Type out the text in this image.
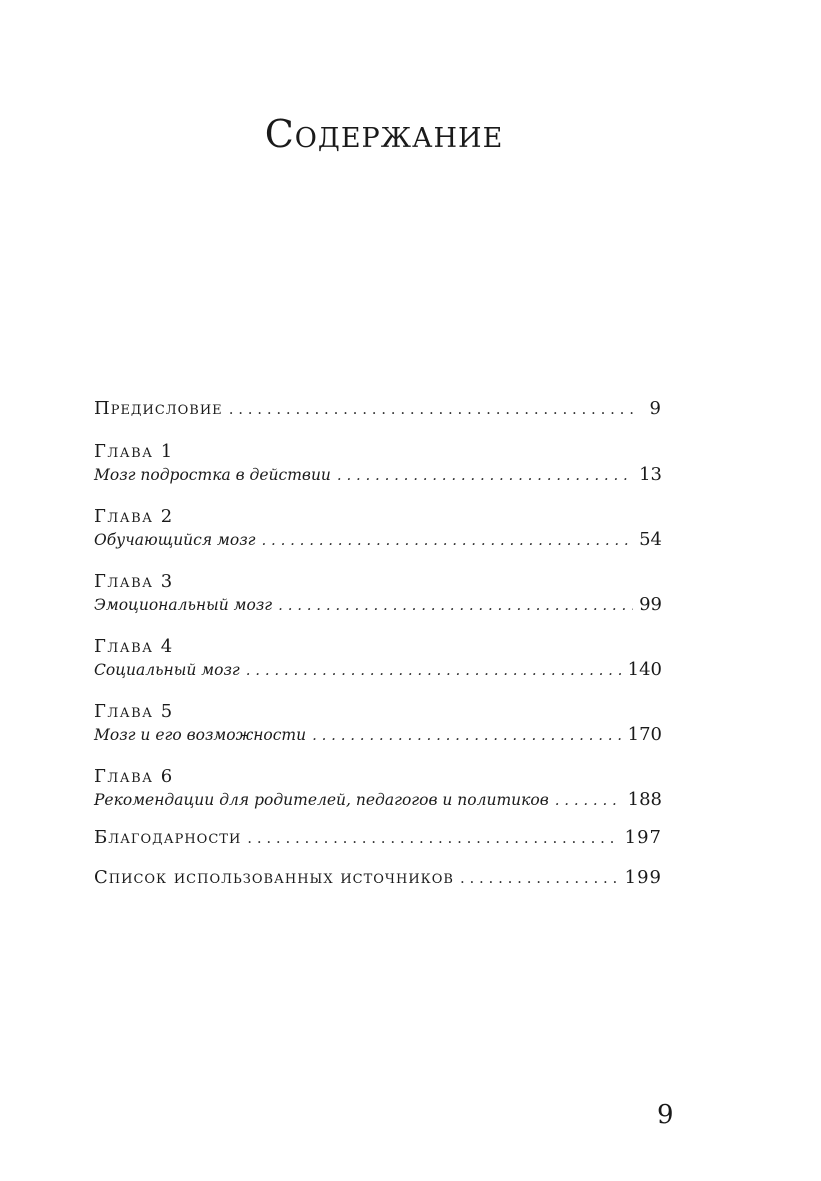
Содержание
Предисловие . . .	9
Глава 1
Мозг подростка в действии . . .	13
Глава 2
Обучающийся мозг . . .	54
Глава 3
Эмоциональный мозг . . .	99
Глава 4
Социальный мозг . . .	140
Глава 5
Мозг и его возможности . . .	170
Глава 6
Рекомендации для родителей, педагогов и политиков . . .	188
Благодарности . . .	197
Список использованных источников . . .	199
9
